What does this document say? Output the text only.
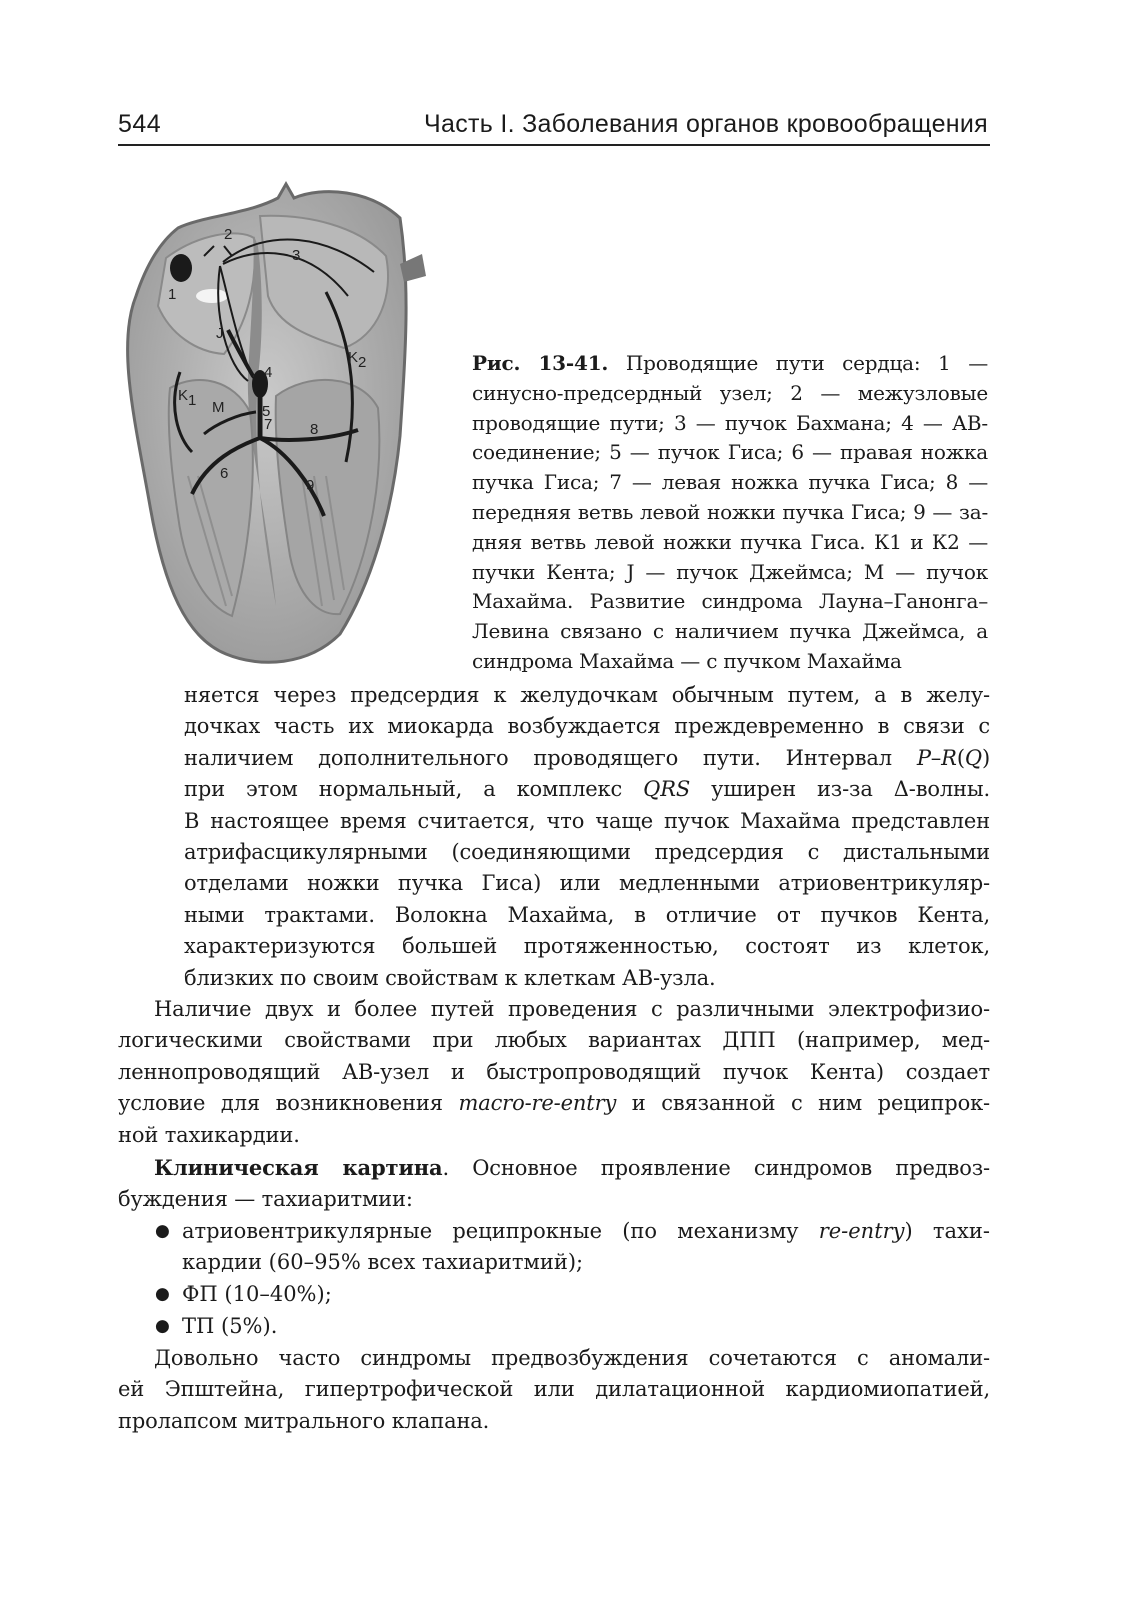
544	Часть I. Заболевания органов кровообращения
1
2
3
4
5
6
7	8
9
J
M
K 1
K 2	Рис. 13-41. Проводящие пути сердца: 1 —
синусно-предсердный узел; 2 — межузловые
проводящие пути; 3 — пучок Бахмана; 4 — АВ-
соединение; 5 — пучок Гиса; 6 — правая ножка
пучка Гиса; 7 — левая ножка пучка Гиса; 8 —
передняя ветвь левой ножки пучка Гиса; 9 — за-
дняя ветвь левой ножки пучка Гиса. К1 и К2 —
пучки Кента; J — пучок Джеймса; М — пучок
Махайма. Развитие синдрома Лауна–Ганонга–
Левина связано с наличием пучка Джеймса, а
синдрома Махайма — с пучком Махайма
няется через предсердия к желудочкам обычным путем, а в желу-
дочках часть их миокарда возбуждается преждевременно в связи с
наличием дополнительного проводящего пути. Интервал P–R(Q)
при этом нормальный, а комплекс QRS уширен из-за Δ-волны.
В настоящее время считается, что чаще пучок Махайма представлен
атрифасцикулярными (соединяющими предсердия с дистальными
отделами ножки пучка Гиса) или медленными атриовентрикуляр-
ными трактами. Волокна Махайма, в отличие от пучков Кента,
характеризуются большей протяженностью, состоят из клеток,
близких по своим свойствам к клеткам АВ-узла.
Наличие двух и более путей проведения с различными электрофизио-
логическими свойствами при любых вариантах ДПП (например, мед-
леннопроводящий АВ-узел и быстропроводящий пучок Кента) создает
условие для возникновения macro-re-entry и связанной с ним реципрок-
ной тахикардии.
Клиническая картина. Основное проявление синдромов предвоз-
буждения — тахиаритмии:
● атриовентрикулярные реципрокные (по механизму re-entry) тахи-
кардии (60–95% всех тахиаритмий);
● ФП (10–40%);
● ТП (5%).
Довольно часто синдромы предвозбуждения сочетаются с аномали-
ей Эпштейна, гипертрофической или дилатационной кардиомиопатией,
пролапсом митрального клапана.
